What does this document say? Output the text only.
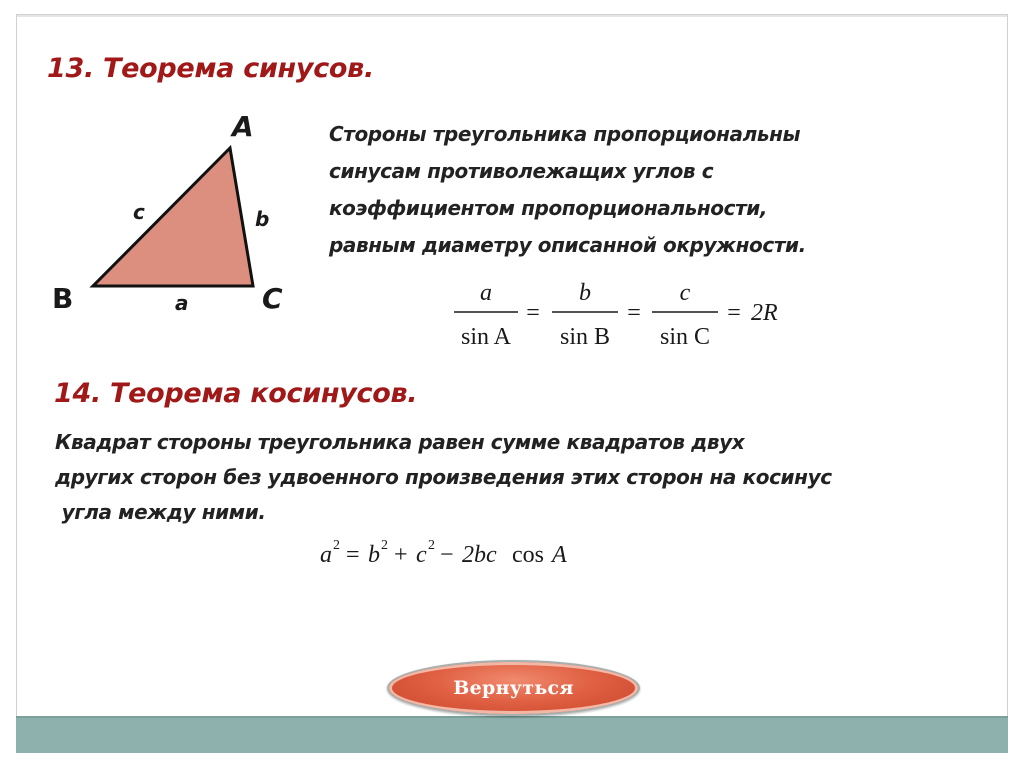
13. Теорема синусов.
A
B	C
c	b
a
Стороны треугольника пропорциональны
синусам противолежащих углов с
коэффициентом пропорциональности,
равным диаметру описанной окружности.
a
sin A
=
b
sin B
=
c
sin C
= 2R
14. Теорема косинусов.
Квадрат стороны треугольника равен сумме квадратов двух
других сторон без удвоенного произведения этих сторон на косинус
угла между ними.
a 2 = b 2 + c 2 − 2bc cos A
Вернуться
